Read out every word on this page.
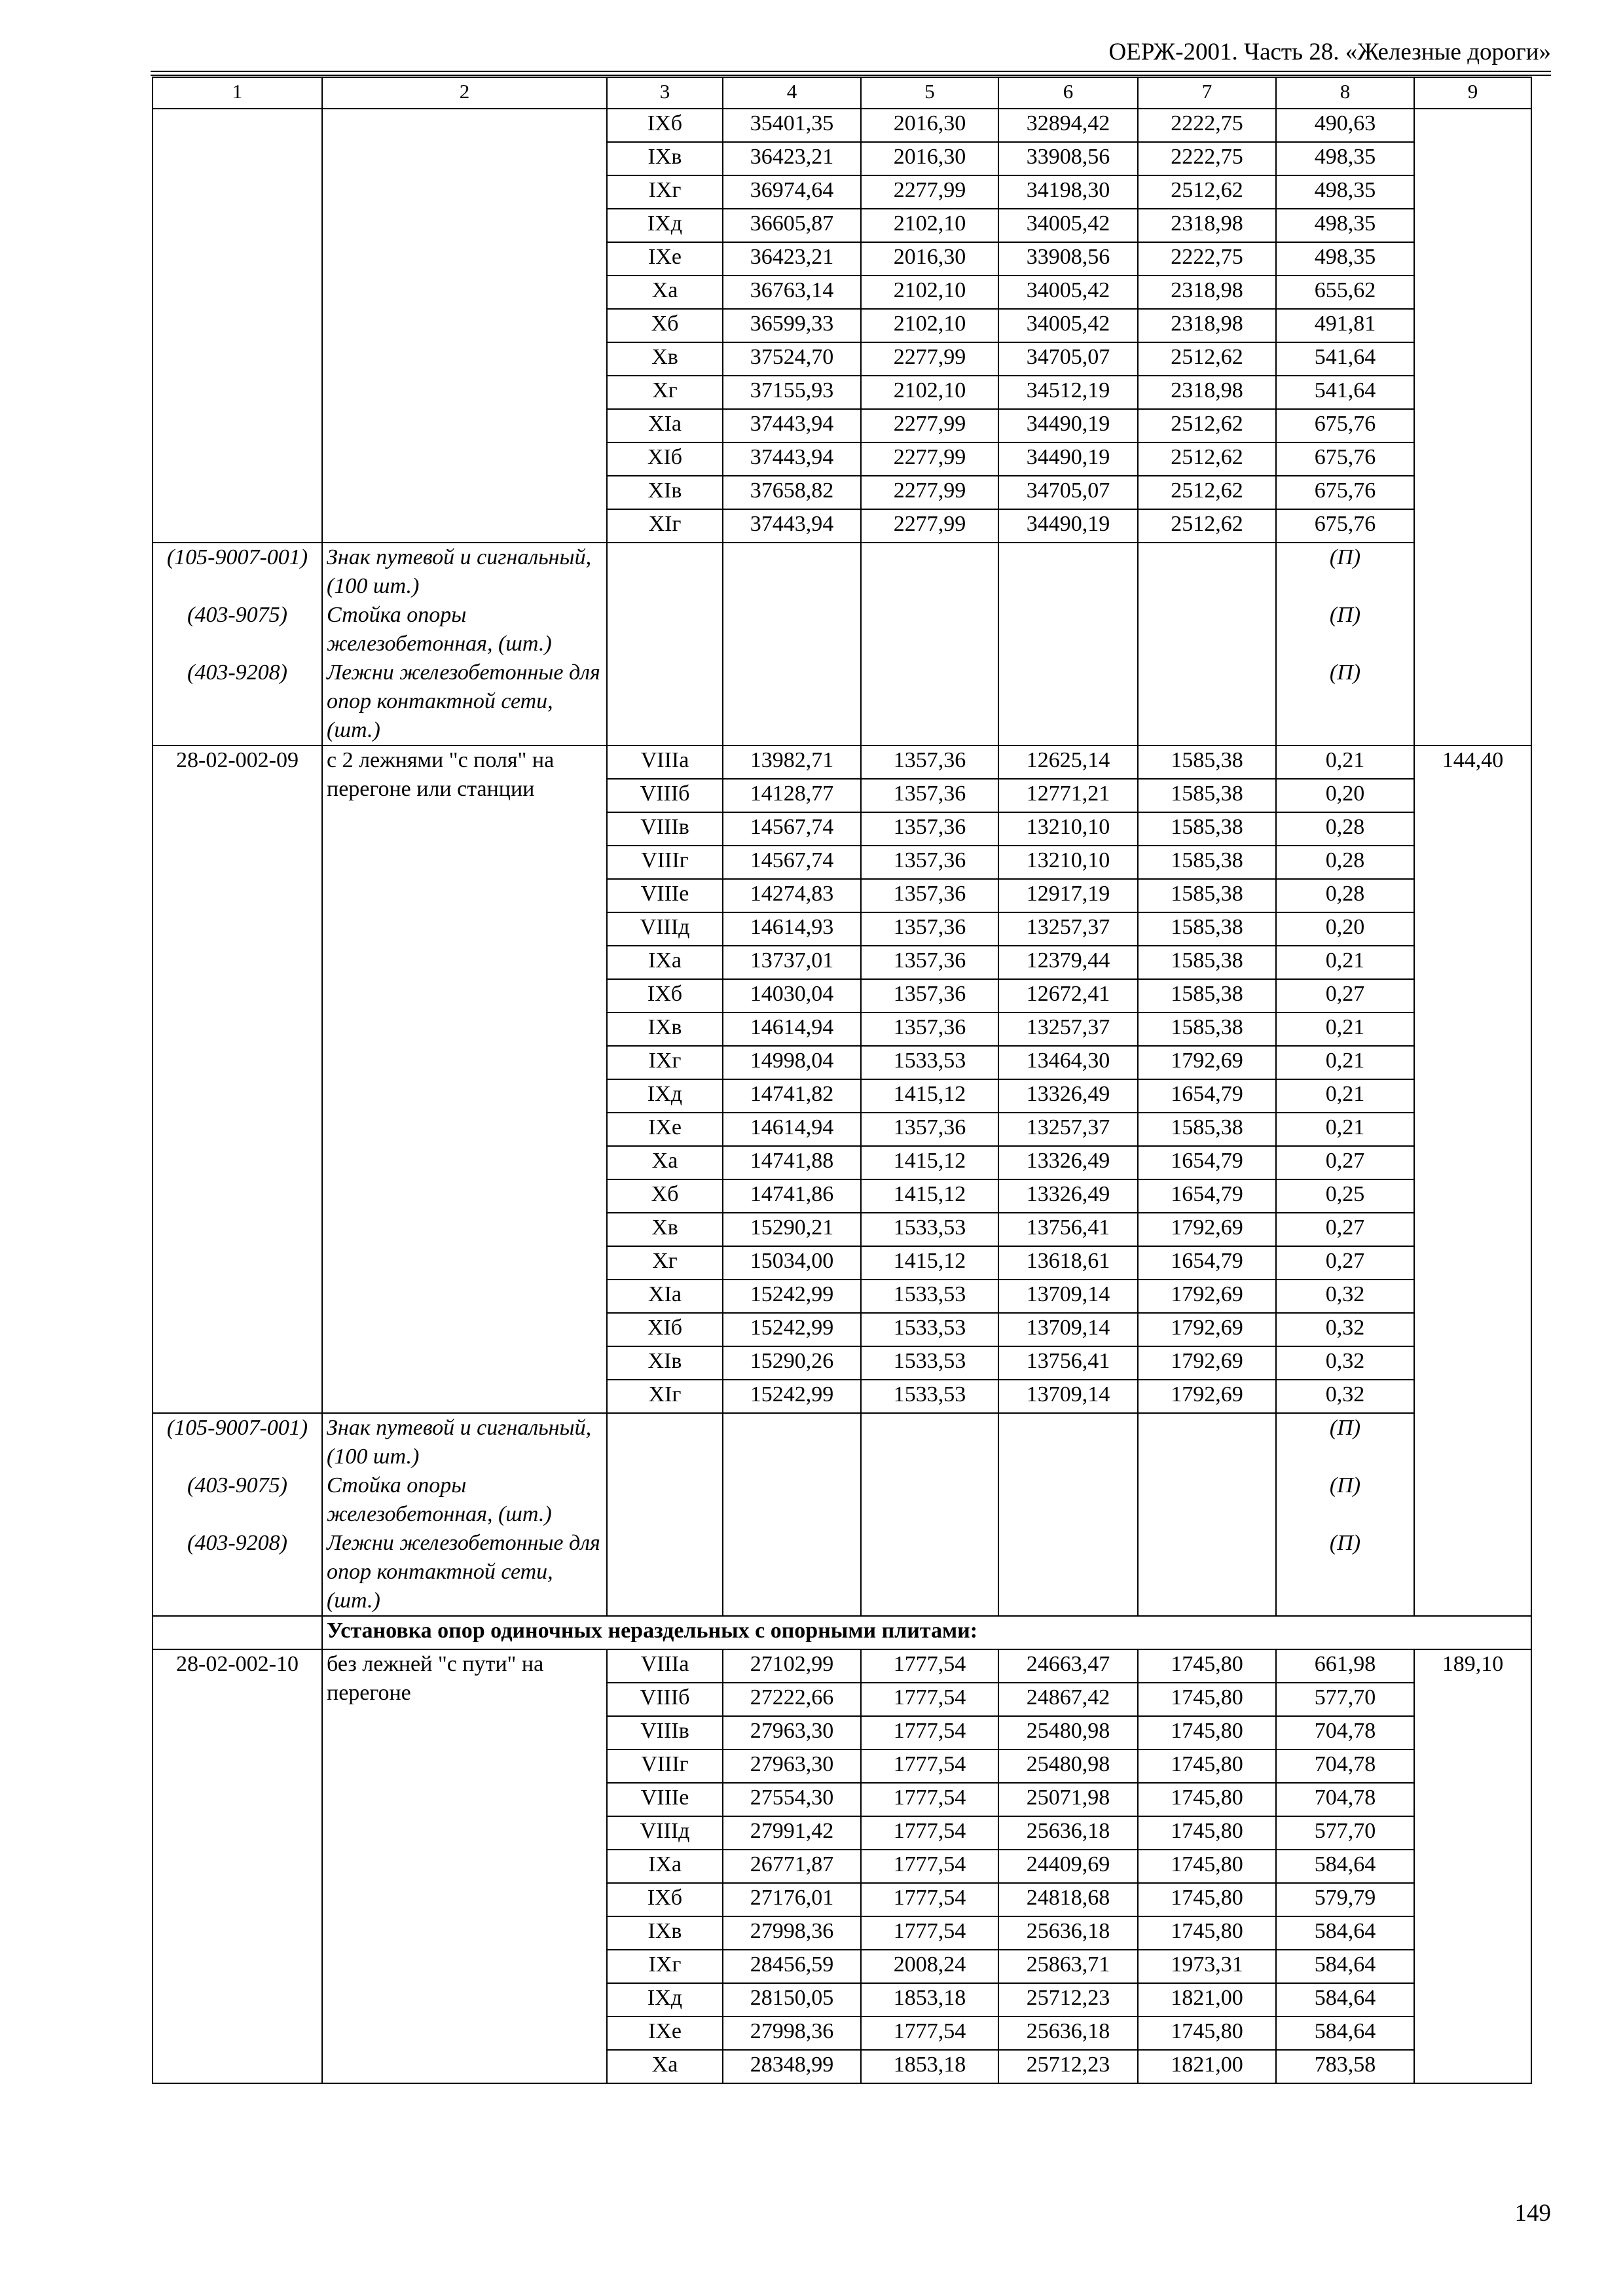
ОЕРЖ-2001. Часть 28. «Железные дороги»
1	2	3	4	5	6	7	8	9
		IXб	35401,35	2016,30	32894,42	2222,75	490,63	
		IXв	36423,21	2016,30	33908,56	2222,75	498,35	
		IXг	36974,64	2277,99	34198,30	2512,62	498,35	
		IXд	36605,87	2102,10	34005,42	2318,98	498,35	
		IXе	36423,21	2016,30	33908,56	2222,75	498,35	
		Xа	36763,14	2102,10	34005,42	2318,98	655,62	
		Xб	36599,33	2102,10	34005,42	2318,98	491,81	
		Xв	37524,70	2277,99	34705,07	2512,62	541,64	
		Xг	37155,93	2102,10	34512,19	2318,98	541,64	
		XIа	37443,94	2277,99	34490,19	2512,62	675,76	
		XIб	37443,94	2277,99	34490,19	2512,62	675,76	
		XIв	37658,82	2277,99	34705,07	2512,62	675,76	
		XIг	37443,94	2277,99	34490,19	2512,62	675,76	
(105-9007-001)	Знак путевой и сигнальный, (100 шт.)						(П)	
(403-9075)	Стойка опоры железобетонная, (шт.)						(П)	
(403-9208)	Лежни железобетонные для опор контактной сети, (шт.)						(П)	
28-02-002-09	с 2 лежнями "с поля" на перегоне или станции	VIIIа	13982,71	1357,36	12625,14	1585,38	0,21	144,40
		VIIIб	14128,77	1357,36	12771,21	1585,38	0,20	
		VIIIв	14567,74	1357,36	13210,10	1585,38	0,28	
		VIIIг	14567,74	1357,36	13210,10	1585,38	0,28	
		VIIIе	14274,83	1357,36	12917,19	1585,38	0,28	
		VIIIд	14614,93	1357,36	13257,37	1585,38	0,20	
		IXа	13737,01	1357,36	12379,44	1585,38	0,21	
		IXб	14030,04	1357,36	12672,41	1585,38	0,27	
		IXв	14614,94	1357,36	13257,37	1585,38	0,21	
		IXг	14998,04	1533,53	13464,30	1792,69	0,21	
		IXд	14741,82	1415,12	13326,49	1654,79	0,21	
		IXе	14614,94	1357,36	13257,37	1585,38	0,21	
		Xа	14741,88	1415,12	13326,49	1654,79	0,27	
		Xб	14741,86	1415,12	13326,49	1654,79	0,25	
		Xв	15290,21	1533,53	13756,41	1792,69	0,27	
		Xг	15034,00	1415,12	13618,61	1654,79	0,27	
		XIа	15242,99	1533,53	13709,14	1792,69	0,32	
		XIб	15242,99	1533,53	13709,14	1792,69	0,32	
		XIв	15290,26	1533,53	13756,41	1792,69	0,32	
		XIг	15242,99	1533,53	13709,14	1792,69	0,32	
(105-9007-001)	Знак путевой и сигнальный, (100 шт.)						(П)	
(403-9075)	Стойка опоры железобетонная, (шт.)						(П)	
(403-9208)	Лежни железобетонные для опор контактной сети, (шт.)						(П)	
	Установка опор одиночных нераздельных с опорными плитами:							
28-02-002-10	без лежней "с пути" на перегоне	VIIIа	27102,99	1777,54	24663,47	1745,80	661,98	189,10
		VIIIб	27222,66	1777,54	24867,42	1745,80	577,70	
		VIIIв	27963,30	1777,54	25480,98	1745,80	704,78	
		VIIIг	27963,30	1777,54	25480,98	1745,80	704,78	
		VIIIе	27554,30	1777,54	25071,98	1745,80	704,78	
		VIIIд	27991,42	1777,54	25636,18	1745,80	577,70	
		IXа	26771,87	1777,54	24409,69	1745,80	584,64	
		IXб	27176,01	1777,54	24818,68	1745,80	579,79	
		IXв	27998,36	1777,54	25636,18	1745,80	584,64	
		IXг	28456,59	2008,24	25863,71	1973,31	584,64	
		IXд	28150,05	1853,18	25712,23	1821,00	584,64	
		IXе	27998,36	1777,54	25636,18	1745,80	584,64	
		Xа	28348,99	1853,18	25712,23	1821,00	783,58	
149
